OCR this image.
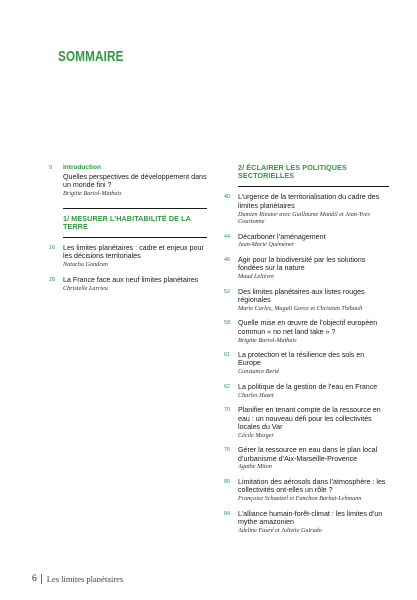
SOMMAIRE
9	Introduction
Quelles perspectives de développement dans un monde fini ?
Brigitte Bariol-Mathais
1/ MESURER L’HABITABILITÉ DE LA TERRE
16	Les limites planétaires : cadre et enjeux pour les décisions territoriales
Natacha Gondran
28	La France face aux neuf limites planétaires
Christelle Larrieu
2/ ÉCLAIRER LES POLITIQUES SECTORIELLES
40	L’urgence de la territorialisation du cadre des limites planétaires
Damien Rieutor avec Guillaume Mandil et Jean-Yves Courtonne
44	Décarboner l’aménagement
Jean-Marie Quéméner
46	Agir pour la biodiversité par les solutions fondées sur la nature
Maud Lelièvre
52	Des limites planétaires aux listes rouges régionales
Marie Carles, Magali Gorce et Christian Thibault
58	Quelle mise en œuvre de l’objectif européen commun « no net land take » ?
Brigitte Bariol-Mathais
61	La protection et la résilience des sols en Europe
Constance Berté
62	La politique de la gestion de l’eau en France
Charles Hazet
70	Planifier en tenant compte de la ressource en eau : un nouveau défi pour les collectivités locales du Var
Cécile Mezger
75	Gérer la ressource en eau dans le plan local d’urbanisme d’Aix-Marseille-Provence
Agathe Miton
80	Limitation des aérosols dans l’atmosphère : les collectivités ont-elles un rôle ?
Françoise Schaetzel et Fanchon Barbat-Lehmann
84	L’alliance humain-forêt-climat : les limites d’un mythe amazonien
Adeline Fauré et Juliette Guirado
6 Les limites planétaires
